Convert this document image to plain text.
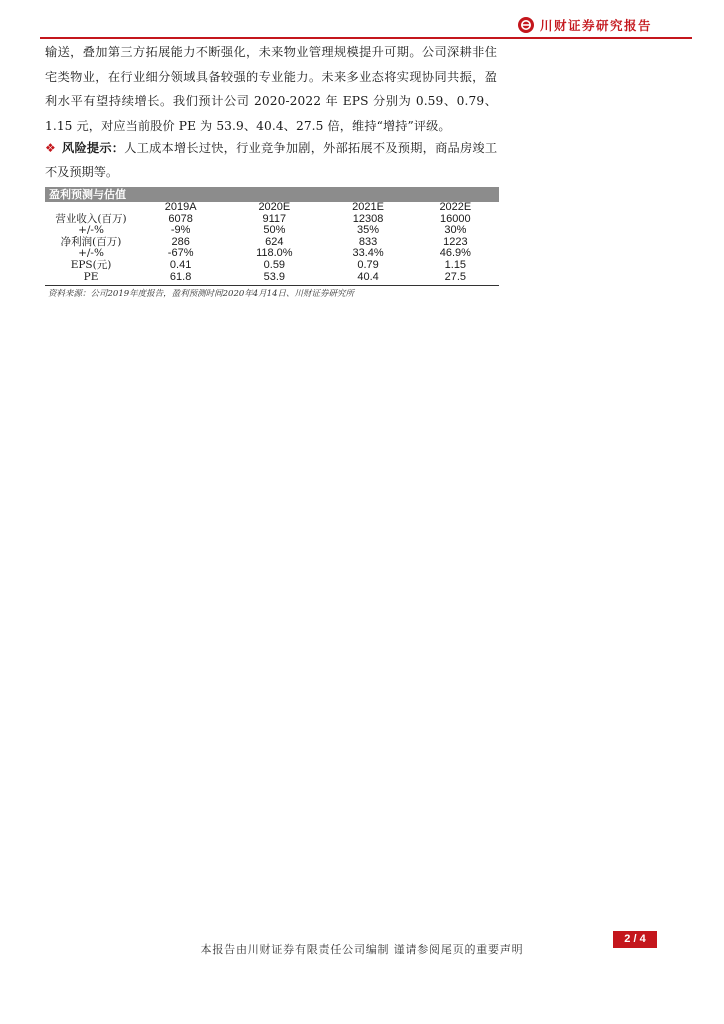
川财证券研究报告
输送，叠加第三方拓展能力不断强化，未来物业管理规模提升可期。公司深耕非住宅类物业，在行业细分领域具备较强的专业能力。未来多业态将实现协同共振，盈利水平有望持续增长。我们预计公司 2020-2022 年 EPS 分别为 0.59、0.79、1.15 元，对应当前股价 PE 为 53.9、40.4、27.5 倍，维持“增持”评级。
❖ 风险提示：人工成本增长过快，行业竞争加剧，外部拓展不及预期，商品房竣工不及预期等。
盈利预测与估值
	2019A	2020E	2021E	2022E
营业收入(百万)	6078	9117	12308	16000
+/-%	-9%	50%	35%	30%
净利润(百万)	286	624	833	1223
+/-%	-67%	118.0%	33.4%	46.9%
EPS(元)	0.41	0.59	0.79	1.15
PE	61.8	53.9	40.4	27.5
资料来源：公司2019年度报告，盈利预测时间2020年4月14日、川财证券研究所
本报告由川财证券有限责任公司编制 谨请参阅尾页的重要声明
2 / 4
